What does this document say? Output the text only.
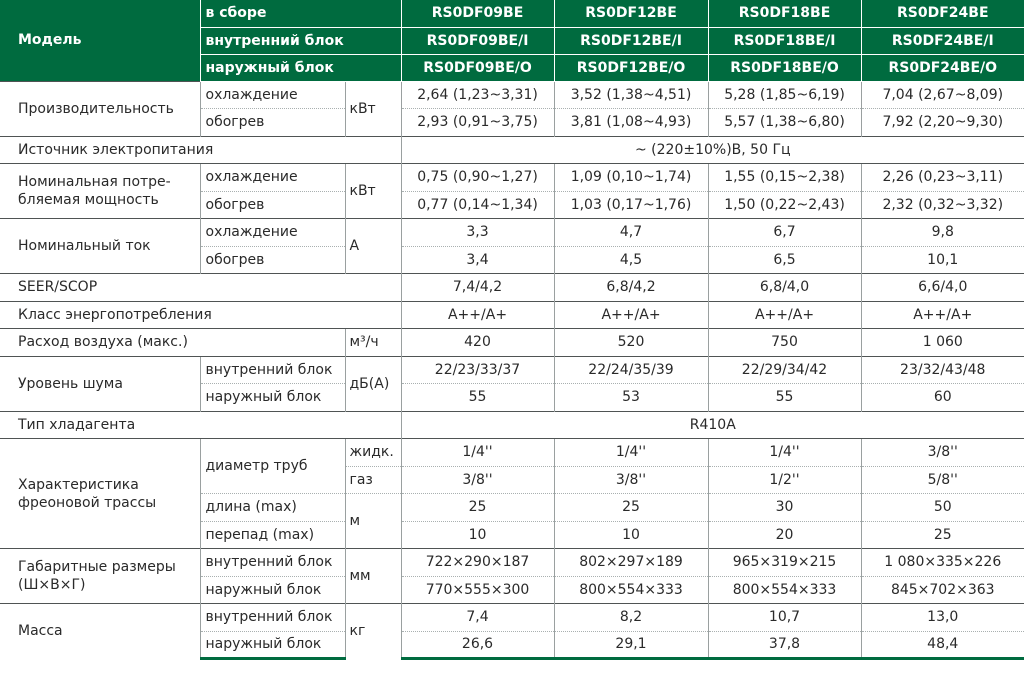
Модель	в сборе		RS0DF09BE	RS0DF12BE	RS0DF18BE	RS0DF24BE
	внутренний блок		RS0DF09BE/I	RS0DF12BE/I	RS0DF18BE/I	RS0DF24BE/I
	наружный блок		RS0DF09BE/O	RS0DF12BE/O	RS0DF18BE/O	RS0DF24BE/O
Производительность	охлаждение	кВт	2,64 (1,23~3,31)	3,52 (1,38~4,51)	5,28 (1,85~6,19)	7,04 (2,67~8,09)
	обогрев		2,93 (0,91~3,75)	3,81 (1,08~4,93)	5,57 (1,38~6,80)	7,92 (2,20~9,30)
Источник электропитания			~ (220±10%)В, 50 Гц			
Номинальная потре-
бляемая мощность	охлаждение	кВт	0,75 (0,90~1,27)	1,09 (0,10~1,74)	1,55 (0,15~2,38)	2,26 (0,23~3,11)
	обогрев		0,77 (0,14~1,34)	1,03 (0,17~1,76)	1,50 (0,22~2,43)	2,32 (0,32~3,32)
Номинальный ток	охлаждение	А	3,3	4,7	6,7	9,8
	обогрев		3,4	4,5	6,5	10,1
SEER/SCOP			7,4/4,2	6,8/4,2	6,8/4,0	6,6/4,0
Класс энергопотребления			А++/А+	А++/А+	А++/А+	А++/А+
Расход воздуха (макс.)		м³/ч	420	520	750	1 060
Уровень шума	внутренний блок	дБ(А)	22/23/33/37	22/24/35/39	22/29/34/42	23/32/43/48
	наружный блок		55	53	55	60
Тип хладагента			R410A			
Характеристика
фреоновой трассы	диаметр труб	жидк.	1/4''	1/4''	1/4''	3/8''
		газ	3/8''	3/8''	1/2''	5/8''
	длина (max)	м	25	25	30	50
	перепад (max)		10	10	20	25
Габаритные размеры
(Ш×В×Г)	внутренний блок	мм	722×290×187	802×297×189	965×319×215	1 080×335×226
	наружный блок		770×555×300	800×554×333	800×554×333	845×702×363
Масса	внутренний блок	кг	7,4	8,2	10,7	13,0
	наружный блок		26,6	29,1	37,8	48,4
